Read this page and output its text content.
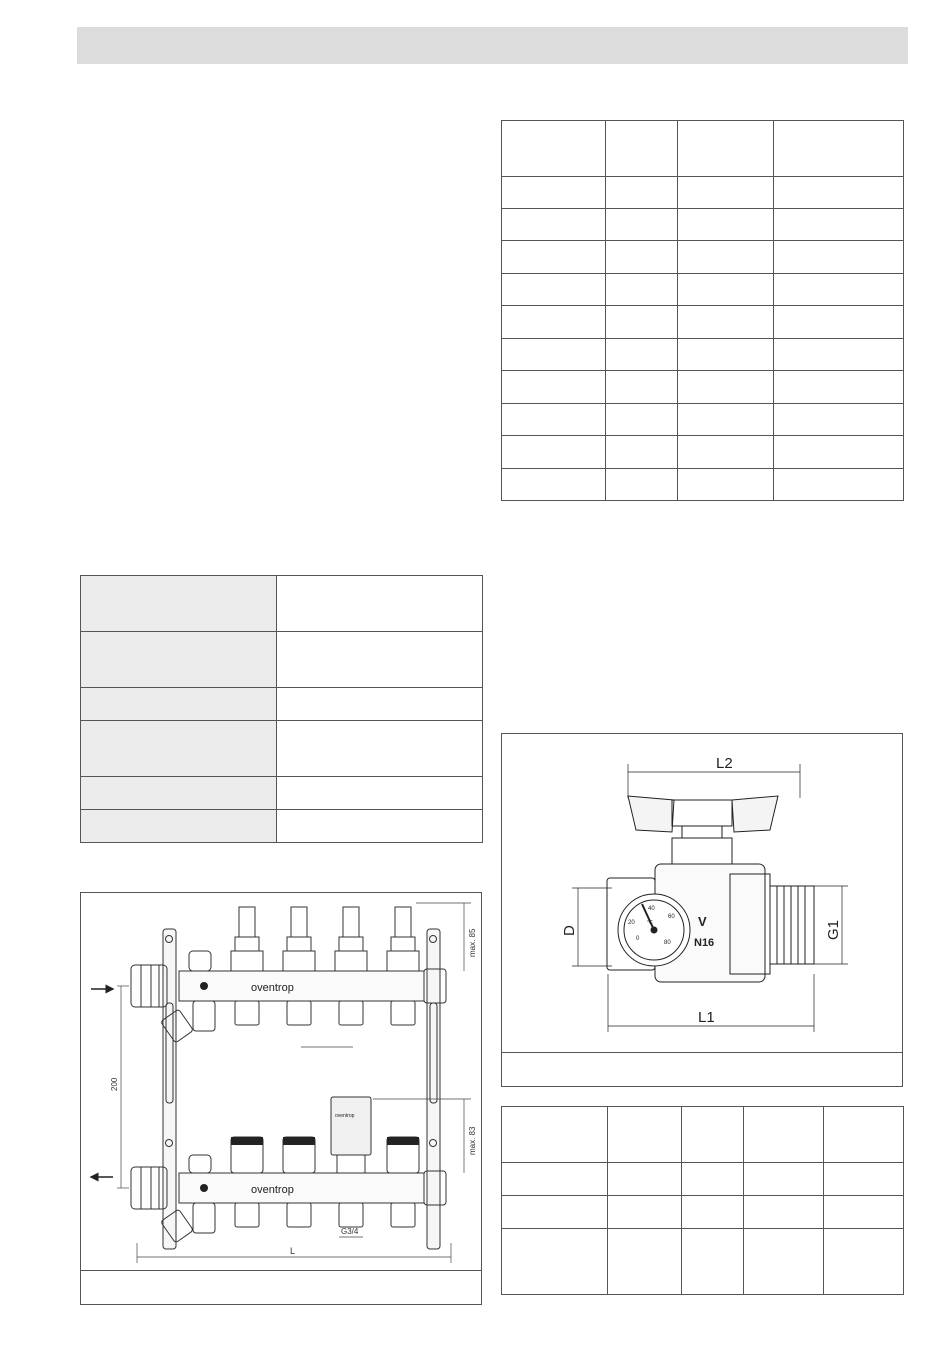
oventrop
oventrop
oventrop
200
max. 85
max. 83
L
G3/4
0
20
40
60
80
°C	V
N16
L2
L1
D	G1
